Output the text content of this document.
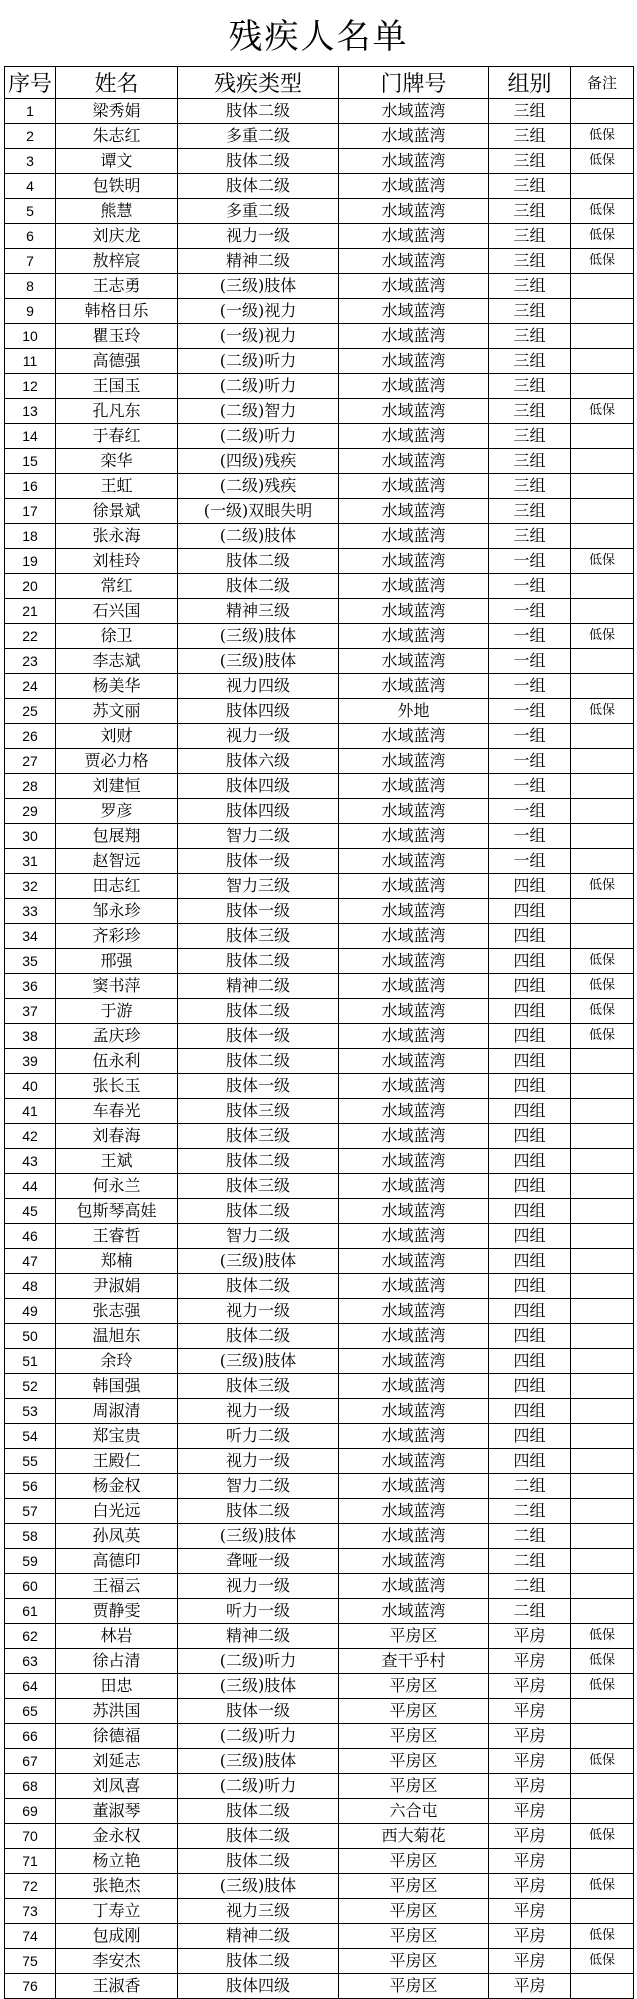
残疾人名单
序号	姓名	残疾类型	门牌号	组别	备注
1	梁秀娟	肢体二级	水域蓝湾	三组	
2	朱志红	多重二级	水域蓝湾	三组	低保
3	谭文	肢体二级	水域蓝湾	三组	低保
4	包铁明	肢体二级	水域蓝湾	三组	
5	熊慧	多重二级	水域蓝湾	三组	低保
6	刘庆龙	视力一级	水域蓝湾	三组	低保
7	敖梓宸	精神二级	水域蓝湾	三组	低保
8	王志勇	(三级)肢体	水域蓝湾	三组	
9	韩格日乐	(一级)视力	水域蓝湾	三组	
10	瞿玉玲	(一级)视力	水域蓝湾	三组	
11	高德强	(二级)听力	水域蓝湾	三组	
12	王国玉	(二级)听力	水域蓝湾	三组	
13	孔凡东	(二级)智力	水域蓝湾	三组	低保
14	于春红	(二级)听力	水域蓝湾	三组	
15	栾华	(四级)残疾	水域蓝湾	三组	
16	王虹	(二级)残疾	水域蓝湾	三组	
17	徐景斌	(一级)双眼失明	水域蓝湾	三组	
18	张永海	(二级)肢体	水域蓝湾	三组	
19	刘桂玲	肢体二级	水域蓝湾	一组	低保
20	常红	肢体二级	水域蓝湾	一组	
21	石兴国	精神三级	水域蓝湾	一组	
22	徐卫	(三级)肢体	水域蓝湾	一组	低保
23	李志斌	(三级)肢体	水域蓝湾	一组	
24	杨美华	视力四级	水域蓝湾	一组	
25	苏文丽	肢体四级	外地	一组	低保
26	刘财	视力一级	水域蓝湾	一组	
27	贾必力格	肢体六级	水域蓝湾	一组	
28	刘建恒	肢体四级	水域蓝湾	一组	
29	罗彦	肢体四级	水域蓝湾	一组	
30	包展翔	智力二级	水域蓝湾	一组	
31	赵智远	肢体一级	水域蓝湾	一组	
32	田志红	智力三级	水域蓝湾	四组	低保
33	邹永珍	肢体一级	水域蓝湾	四组	
34	齐彩珍	肢体三级	水域蓝湾	四组	
35	邢强	肢体二级	水域蓝湾	四组	低保
36	窦书萍	精神二级	水域蓝湾	四组	低保
37	于游	肢体二级	水域蓝湾	四组	低保
38	孟庆珍	肢体一级	水域蓝湾	四组	低保
39	伍永利	肢体二级	水域蓝湾	四组	
40	张长玉	肢体一级	水域蓝湾	四组	
41	车春光	肢体三级	水域蓝湾	四组	
42	刘春海	肢体三级	水域蓝湾	四组	
43	王斌	肢体二级	水域蓝湾	四组	
44	何永兰	肢体三级	水域蓝湾	四组	
45	包斯琴高娃	肢体二级	水域蓝湾	四组	
46	王睿哲	智力二级	水域蓝湾	四组	
47	郑楠	(三级)肢体	水域蓝湾	四组	
48	尹淑娟	肢体二级	水域蓝湾	四组	
49	张志强	视力一级	水域蓝湾	四组	
50	温旭东	肢体二级	水域蓝湾	四组	
51	余玲	(三级)肢体	水域蓝湾	四组	
52	韩国强	肢体三级	水域蓝湾	四组	
53	周淑清	视力一级	水域蓝湾	四组	
54	郑宝贵	听力二级	水域蓝湾	四组	
55	王殿仁	视力一级	水域蓝湾	四组	
56	杨金权	智力二级	水域蓝湾	二组	
57	白光远	肢体二级	水域蓝湾	二组	
58	孙凤英	(三级)肢体	水域蓝湾	二组	
59	高德印	聋哑一级	水域蓝湾	二组	
60	王福云	视力一级	水域蓝湾	二组	
61	贾静雯	听力一级	水域蓝湾	二组	
62	林岩	精神二级	平房区	平房	低保
63	徐占清	(二级)听力	查干乎村	平房	低保
64	田忠	(三级)肢体	平房区	平房	低保
65	苏洪国	肢体一级	平房区	平房	
66	徐德福	(二级)听力	平房区	平房	
67	刘延志	(三级)肢体	平房区	平房	低保
68	刘凤喜	(二级)听力	平房区	平房	
69	董淑琴	肢体二级	六合屯	平房	
70	金永权	肢体二级	西大菊花	平房	低保
71	杨立艳	肢体二级	平房区	平房	
72	张艳杰	(三级)肢体	平房区	平房	低保
73	丁寿立	视力三级	平房区	平房	
74	包成刚	精神二级	平房区	平房	低保
75	李安杰	肢体二级	平房区	平房	低保
76	王淑香	肢体四级	平房区	平房	
